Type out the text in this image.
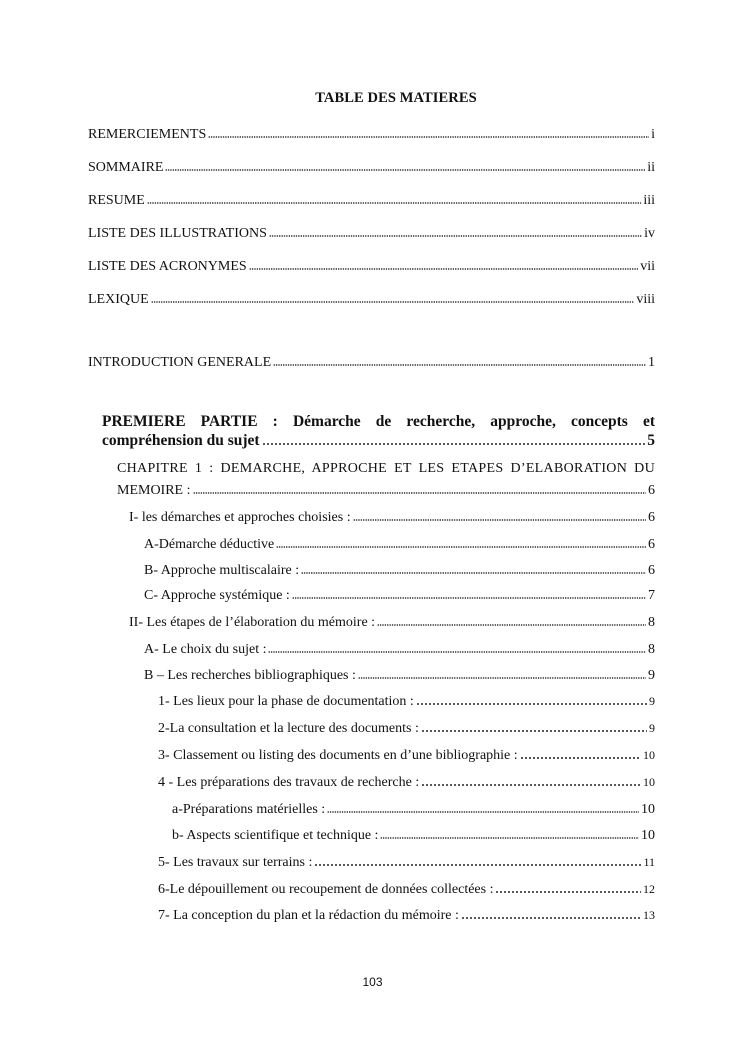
TABLE DES MATIERES
REMERCIEMENTS	i
SOMMAIRE	ii
RESUME	iii
LISTE DES ILLUSTRATIONS	iv
LISTE DES ACRONYMES	vii
LEXIQUE	viii
INTRODUCTION GENERALE	1
PREMIERE PARTIE : Démarche de recherche, approche, concepts et
compréhension du sujet	5
CHAPITRE 1 : DEMARCHE, APPROCHE ET LES ETAPES D’ELABORATION DU
MEMOIRE :	6
I- les démarches et approches choisies :	6
A-Démarche déductive	6
B- Approche multiscalaire :	6
C- Approche systémique :	7
II- Les étapes de l’élaboration du mémoire :	8
A- Le choix du sujet :	8
B – Les recherches bibliographiques :	9
1- Les lieux pour la phase de documentation :	9
2-La consultation et la lecture des documents :	9
3- Classement ou listing des documents en d’une bibliographie :	10
4 - Les préparations des travaux de recherche :	10
a-Préparations matérielles :	10
b- Aspects scientifique et technique :	10
5- Les travaux sur terrains :	11
6-Le dépouillement ou recoupement de données collectées :	12
7- La conception du plan et la rédaction du mémoire :	13
103
